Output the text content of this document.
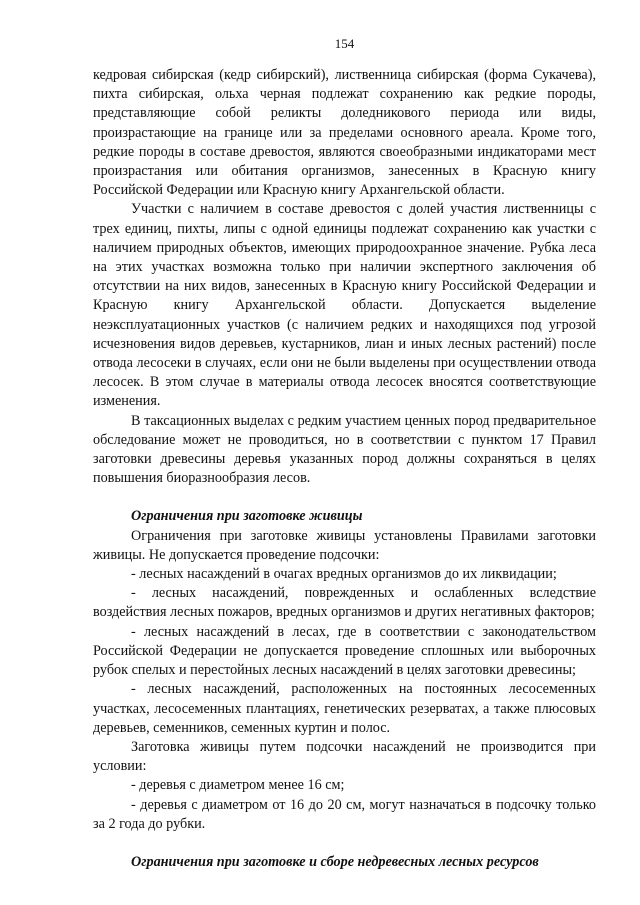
154

кедровая сибирская (кедр сибирский), лиственница сибирская (форма Сукачева), пихта сибирская, ольха черная подлежат сохранению как редкие породы, представляющие собой реликты доледникового периода или виды, произрастающие на границе или за пределами основного ареала. Кроме того, редкие породы в составе древостоя, являются своеобразными индикаторами мест произрастания или обитания организмов, занесенных в Красную книгу Российской Федерации или Красную книгу Архангельской области.

Участки с наличием в составе древостоя с долей участия лиственницы с трех единиц, пихты, липы с одной единицы подлежат сохранению как участки с наличием природных объектов, имеющих природоохранное значение. Рубка леса на этих участках возможна только при наличии экспертного заключения об отсутствии на них видов, занесенных в Красную книгу Российской Федерации и Красную книгу Архангельской области. Допускается выделение неэксплуатационных участков (с наличием редких и находящихся под угрозой исчезновения видов деревьев, кустарников, лиан и иных лесных растений) после отвода лесосеки в случаях, если они не были выделены при осуществлении отвода лесосек. В этом случае в материалы отвода лесосек вносятся соответствующие изменения.

В таксационных выделах с редким участием ценных пород предварительное обследование может не проводиться, но в соответствии с пунктом 17 Правил заготовки древесины деревья указанных пород должны сохраняться в целях повышения биоразнообразия лесов.

Ограничения при заготовке живицы

Ограничения при заготовке живицы установлены Правилами заготовки живицы. Не допускается проведение подсочки:

- лесных насаждений в очагах вредных организмов до их ликвидации;

- лесных насаждений, поврежденных и ослабленных вследствие воздействия лесных пожаров, вредных организмов и других негативных факторов;

- лесных насаждений в лесах, где в соответствии с законодательством Российской Федерации не допускается проведение сплошных или выборочных рубок спелых и перестойных лесных насаждений в целях заготовки древесины;

- лесных насаждений, расположенных на постоянных лесосеменных участках, лесосеменных плантациях, генетических резерватах, а также плюсовых деревьев, семенников, семенных куртин и полос.

Заготовка живицы путем подсочки насаждений не производится при условии:

- деревья с диаметром менее 16 см;

- деревья с диаметром от 16 до 20 см, могут назначаться в подсочку только за 2 года до рубки.

Ограничения при заготовке и сборе недревесных лесных ресурсов
